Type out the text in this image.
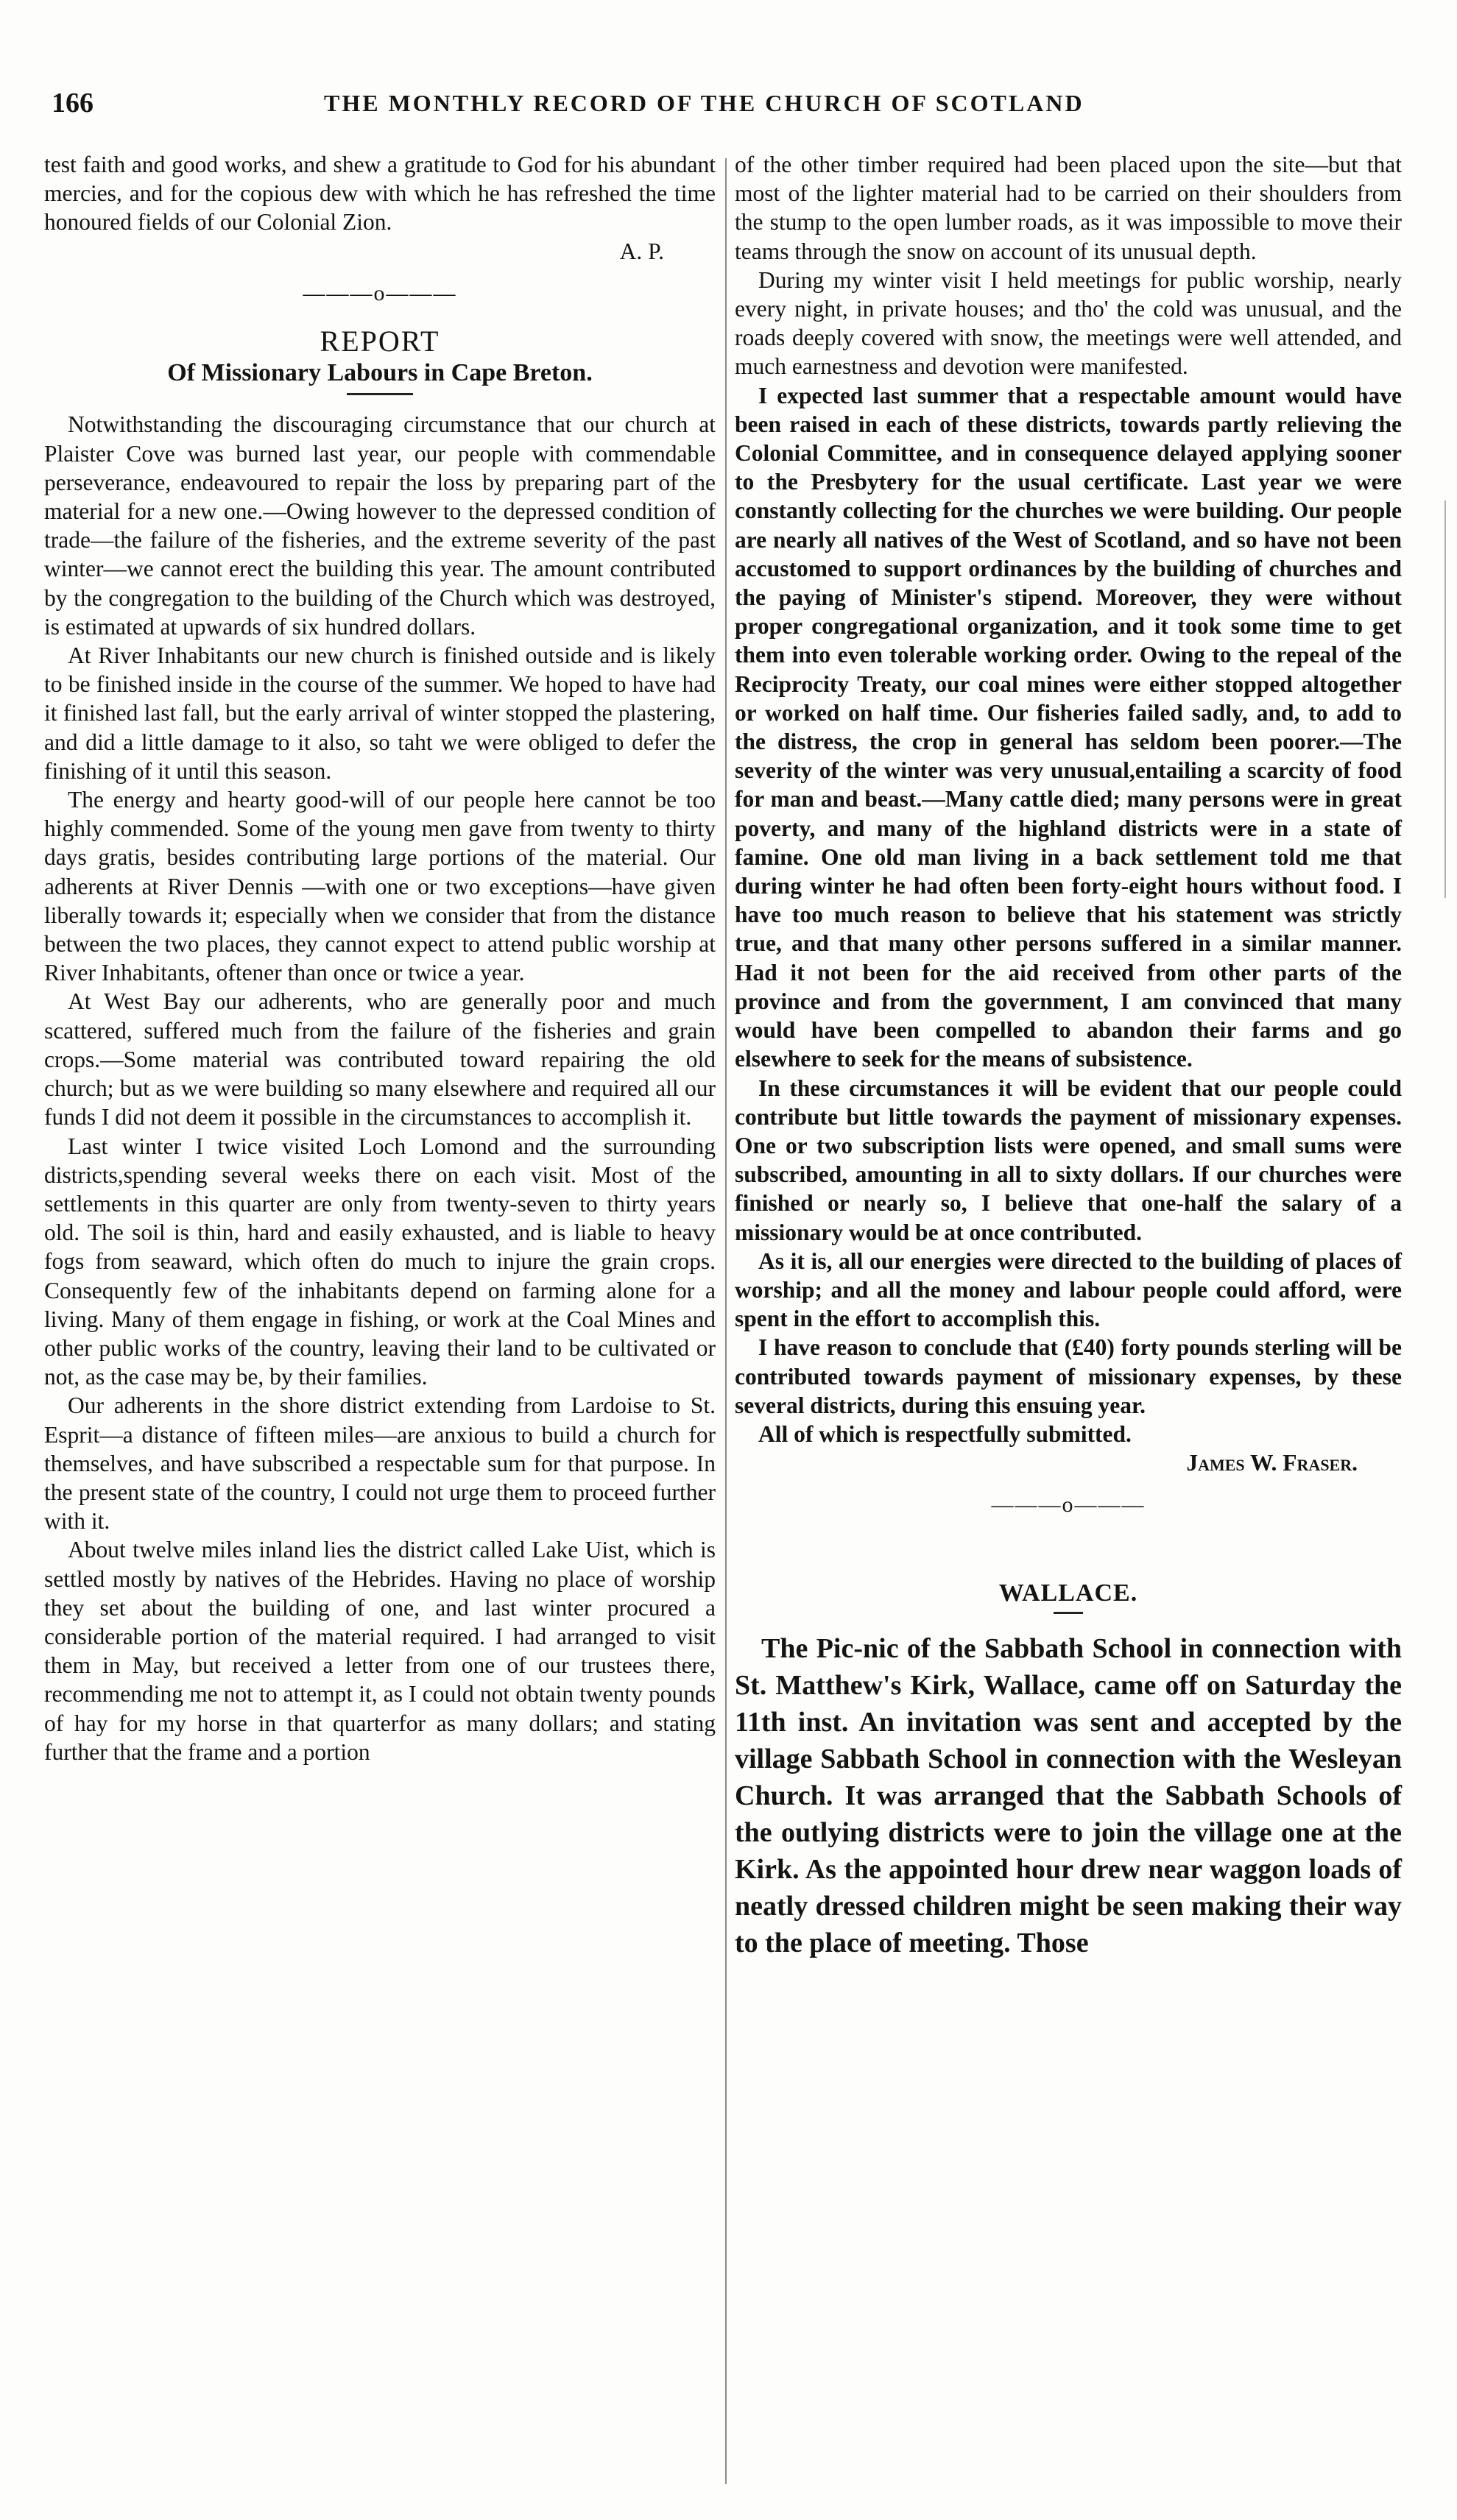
166	THE MONTHLY RECORD OF THE CHURCH OF SCOTLAND

test faith and good works, and shew a gratitude to God for his abundant mercies, and for the copious dew with which he has refreshed the time honoured fields of our Colonial Zion.

A. P.

———o———
REPORT
Of Missionary Labours in Cape Breton.

Notwithstanding the discouraging circumstance that our church at Plaister Cove was burned last year, our people with commendable perseverance, endeavoured to repair the loss by preparing part of the material for a new one.—Owing however to the depressed condition of trade—the failure of the fisheries, and the extreme severity of the past winter—we cannot erect the building this year. The amount contributed by the congregation to the building of the Church which was destroyed, is estimated at upwards of six hundred dollars.

At River Inhabitants our new church is finished outside and is likely to be finished inside in the course of the summer. We hoped to have had it finished last fall, but the early arrival of winter stopped the plastering, and did a little damage to it also, so taht we were obliged to defer the finishing of it until this season.

The energy and hearty good-will of our people here cannot be too highly commended. Some of the young men gave from twenty to thirty days gratis, besides contributing large portions of the material. Our adherents at River Dennis —with one or two exceptions—have given liberally towards it; especially when we consider that from the distance between the two places, they cannot expect to attend public worship at River Inhabitants, oftener than once or twice a year.

At West Bay our adherents, who are generally poor and much scattered, suffered much from the failure of the fisheries and grain crops.—Some material was contributed toward repairing the old church; but as we were building so many elsewhere and required all our funds I did not deem it possible in the circumstances to accomplish it.

Last winter I twice visited Loch Lomond and the surrounding districts,spending several weeks there on each visit. Most of the settlements in this quarter are only from twenty-seven to thirty years old. The soil is thin, hard and easily exhausted, and is liable to heavy fogs from seaward, which often do much to injure the grain crops. Consequently few of the inhabitants depend on farming alone for a living. Many of them engage in fishing, or work at the Coal Mines and other public works of the country, leaving their land to be cultivated or not, as the case may be, by their families.

Our adherents in the shore district extending from Lardoise to St. Esprit—a distance of fifteen miles—are anxious to build a church for themselves, and have subscribed a respectable sum for that purpose. In the present state of the country, I could not urge them to proceed further with it.

About twelve miles inland lies the district called Lake Uist, which is settled mostly by natives of the Hebrides. Having no place of worship they set about the building of one, and last winter procured a considerable portion of the material required. I had arranged to visit them in May, but received a letter from one of our trustees there, recommending me not to attempt it, as I could not obtain twenty pounds of hay for my horse in that quarterfor as many dollars; and stating further that the frame and a portion

of the other timber required had been placed upon the site—but that most of the lighter material had to be carried on their shoulders from the stump to the open lumber roads, as it was impossible to move their teams through the snow on account of its unusual depth.

During my winter visit I held meetings for public worship, nearly every night, in private houses; and tho' the cold was unusual, and the roads deeply covered with snow, the meetings were well attended, and much earnestness and devotion were manifested.

I expected last summer that a respectable amount would have been raised in each of these districts, towards partly relieving the Colonial Committee, and in consequence delayed applying sooner to the Presbytery for the usual certificate. Last year we were constantly collecting for the churches we were building. Our people are nearly all natives of the West of Scotland, and so have not been accustomed to support ordinances by the building of churches and the paying of Minister's stipend. Moreover, they were without proper congregational organization, and it took some time to get them into even tolerable working order. Owing to the repeal of the Reciprocity Treaty, our coal mines were either stopped altogether or worked on half time. Our fisheries failed sadly, and, to add to the distress, the crop in general has seldom been poorer.—The severity of the winter was very unusual,entailing a scarcity of food for man and beast.—Many cattle died; many persons were in great poverty, and many of the highland districts were in a state of famine. One old man living in a back settlement told me that during winter he had often been forty-eight hours without food. I have too much reason to believe that his statement was strictly true, and that many other persons suffered in a similar manner. Had it not been for the aid received from other parts of the province and from the government, I am convinced that many would have been compelled to abandon their farms and go elsewhere to seek for the means of subsistence.

In these circumstances it will be evident that our people could contribute but little towards the payment of missionary expenses. One or two subscription lists were opened, and small sums were subscribed, amounting in all to sixty dollars. If our churches were finished or nearly so, I believe that one-half the salary of a missionary would be at once contributed.

As it is, all our energies were directed to the building of places of worship; and all the money and labour people could afford, were spent in the effort to accomplish this.

I have reason to conclude that (£40) forty pounds sterling will be contributed towards payment of missionary expenses, by these several districts, during this ensuing year.

All of which is respectfully submitted.

James W. Fraser.

———o———
WALLACE.

The Pic-nic of the Sabbath School in connection with St. Matthew's Kirk, Wallace, came off on Saturday the 11th inst. An invitation was sent and accepted by the village Sabbath School in connection with the Wesleyan Church. It was arranged that the Sabbath Schools of the outlying districts were to join the village one at the Kirk. As the appointed hour drew near waggon loads of neatly dressed children might be seen making their way to the place of meeting. Those
